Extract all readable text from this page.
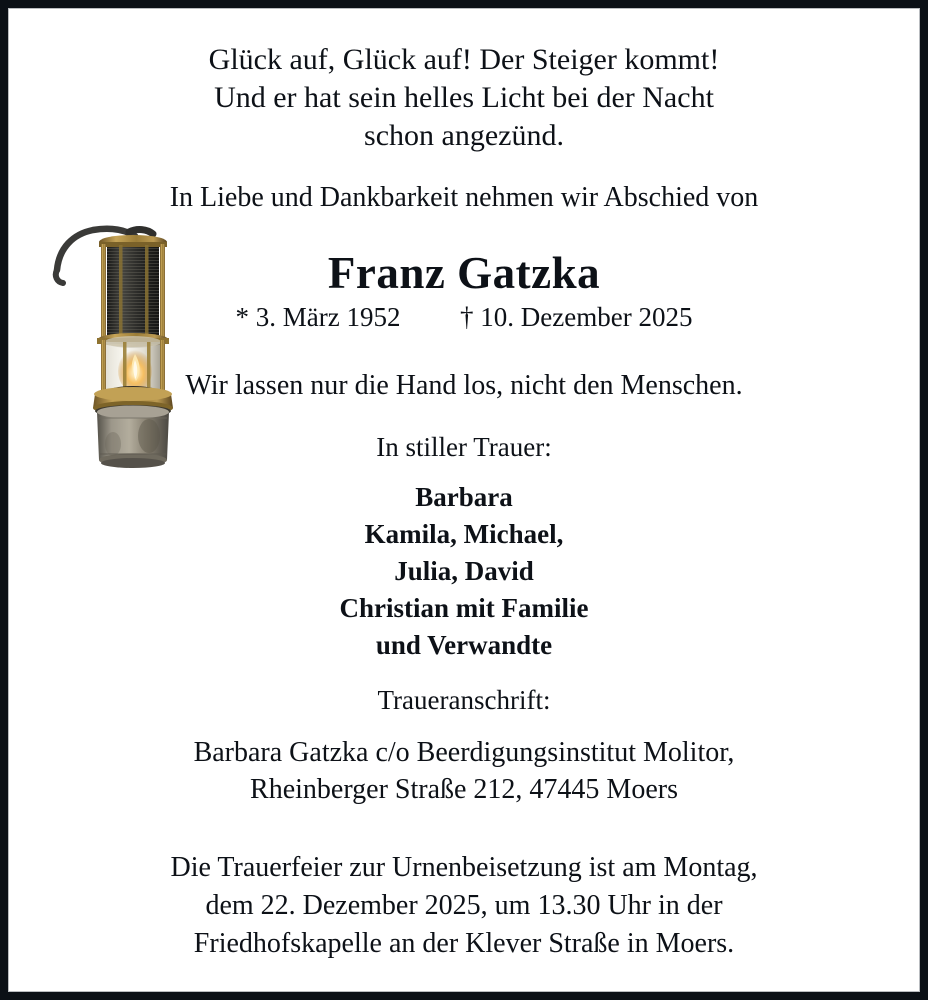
Glück auf, Glück auf! Der Steiger kommt!
Und er hat sein helles Licht bei der Nacht
schon angezünd.
In Liebe und Dankbarkeit nehmen wir Abschied von
Franz Gatzka
* 3. März 1952 † 10. Dezember 2025
Wir lassen nur die Hand los, nicht den Menschen.
In stiller Trauer:
Barbara
Kamila, Michael,
Julia, David
Christian mit Familie
und Verwandte
Traueranschrift:
Barbara Gatzka c/o Beerdigungsinstitut Molitor,
Rheinberger Straße 212, 47445 Moers
Die Trauerfeier zur Urnenbeisetzung ist am Montag,
dem 22. Dezember 2025, um 13.30 Uhr in der
Friedhofskapelle an der Klever Straße in Moers.
